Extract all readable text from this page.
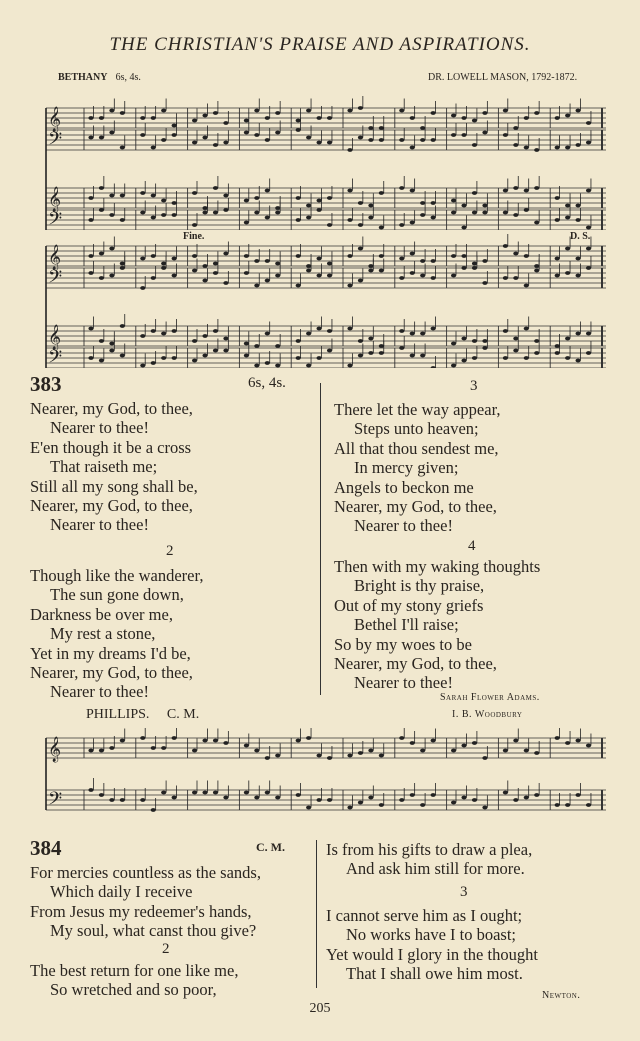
THE CHRISTIAN'S PRAISE AND ASPIRATIONS.
BETHANY 6s, 4s.	DR. LOWELL MASON, 1792-1872.
𝄞
𝄢
𝄞
𝄢
𝄞
𝄢
𝄞
𝄢
Fine.	D. S.
383	6s, 4s.
Nearer, my God, to thee,
Nearer to thee!
E'en though it be a cross
That raiseth me;
Still all my song shall be,
Nearer, my God, to thee,
Nearer to thee!
2
Though like the wanderer,
The sun gone down,
Darkness be over me,
My rest a stone,
Yet in my dreams I'd be,
Nearer, my God, to thee,
Nearer to thee!
3
There let the way appear,
Steps unto heaven;
All that thou sendest me,
In mercy given;
Angels to beckon me
Nearer, my God, to thee,
Nearer to thee!
4
Then with my waking thoughts
Bright is thy praise,
Out of my stony griefs
Bethel I'll raise;
So by my woes to be
Nearer, my God, to thee,
Nearer to thee!
Sarah Flower Adams.
PHILLIPS. C. M.	I. B. Woodbury
𝄞
𝄢
384	C. M.
For mercies countless as the sands,
Which daily I receive
From Jesus my redeemer's hands,
My soul, what canst thou give?
2
The best return for one like me,
So wretched and so poor,
Is from his gifts to draw a plea,
And ask him still for more.
3
I cannot serve him as I ought;
No works have I to boast;
Yet would I glory in the thought
That I shall owe him most.
Newton.
205
